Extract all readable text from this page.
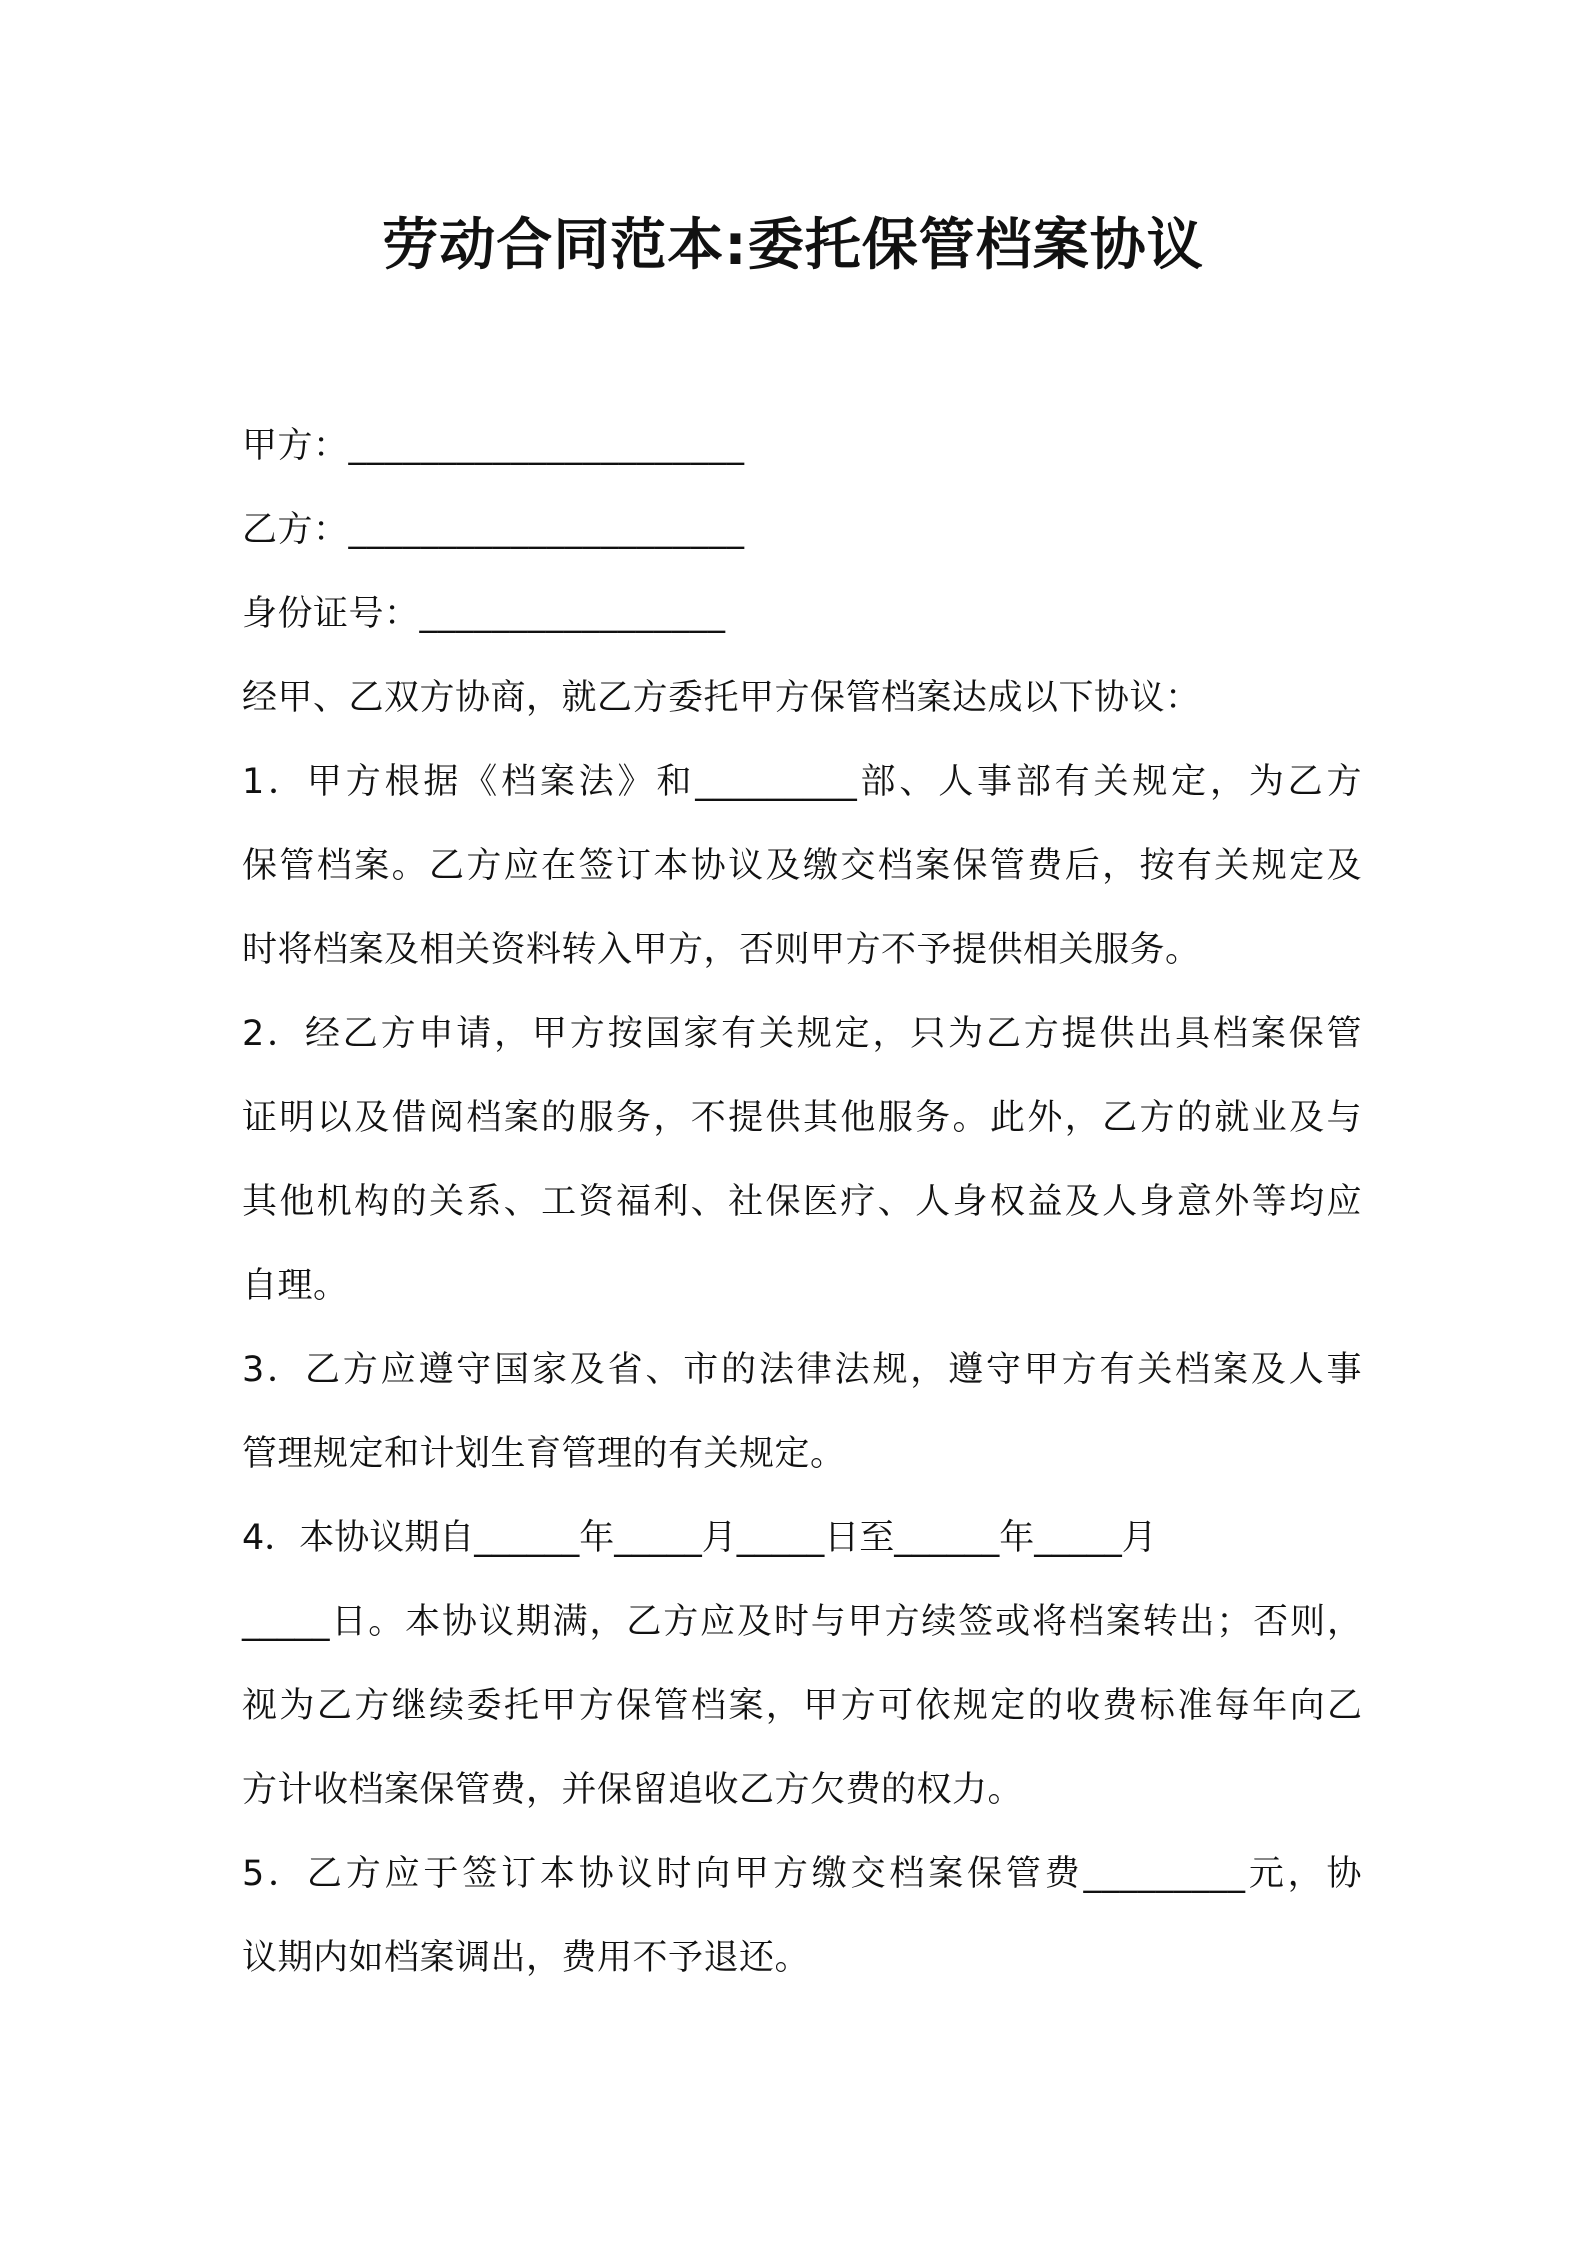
劳动合同范本:委托保管档案协议
甲方：______________________
乙方：______________________
身份证号：_________________
经甲、乙双方协商，就乙方委托甲方保管档案达成以下协议：
1．甲方根据《档案法》和_________部、人事部有关规定，为乙方
保管档案。乙方应在签订本协议及缴交档案保管费后，按有关规定及
时将档案及相关资料转入甲方，否则甲方不予提供相关服务。
2．经乙方申请，甲方按国家有关规定，只为乙方提供出具档案保管
证明以及借阅档案的服务，不提供其他服务。此外，乙方的就业及与
其他机构的关系、工资福利、社保医疗、人身权益及人身意外等均应
自理。
3．乙方应遵守国家及省、市的法律法规，遵守甲方有关档案及人事
管理规定和计划生育管理的有关规定。
4．本协议期自______年_____月_____日至______年_____月
_____日。本协议期满，乙方应及时与甲方续签或将档案转出；否则，
视为乙方继续委托甲方保管档案，甲方可依规定的收费标准每年向乙
方计收档案保管费，并保留追收乙方欠费的权力。
5．乙方应于签订本协议时向甲方缴交档案保管费_________元，协
议期内如档案调出，费用不予退还。
